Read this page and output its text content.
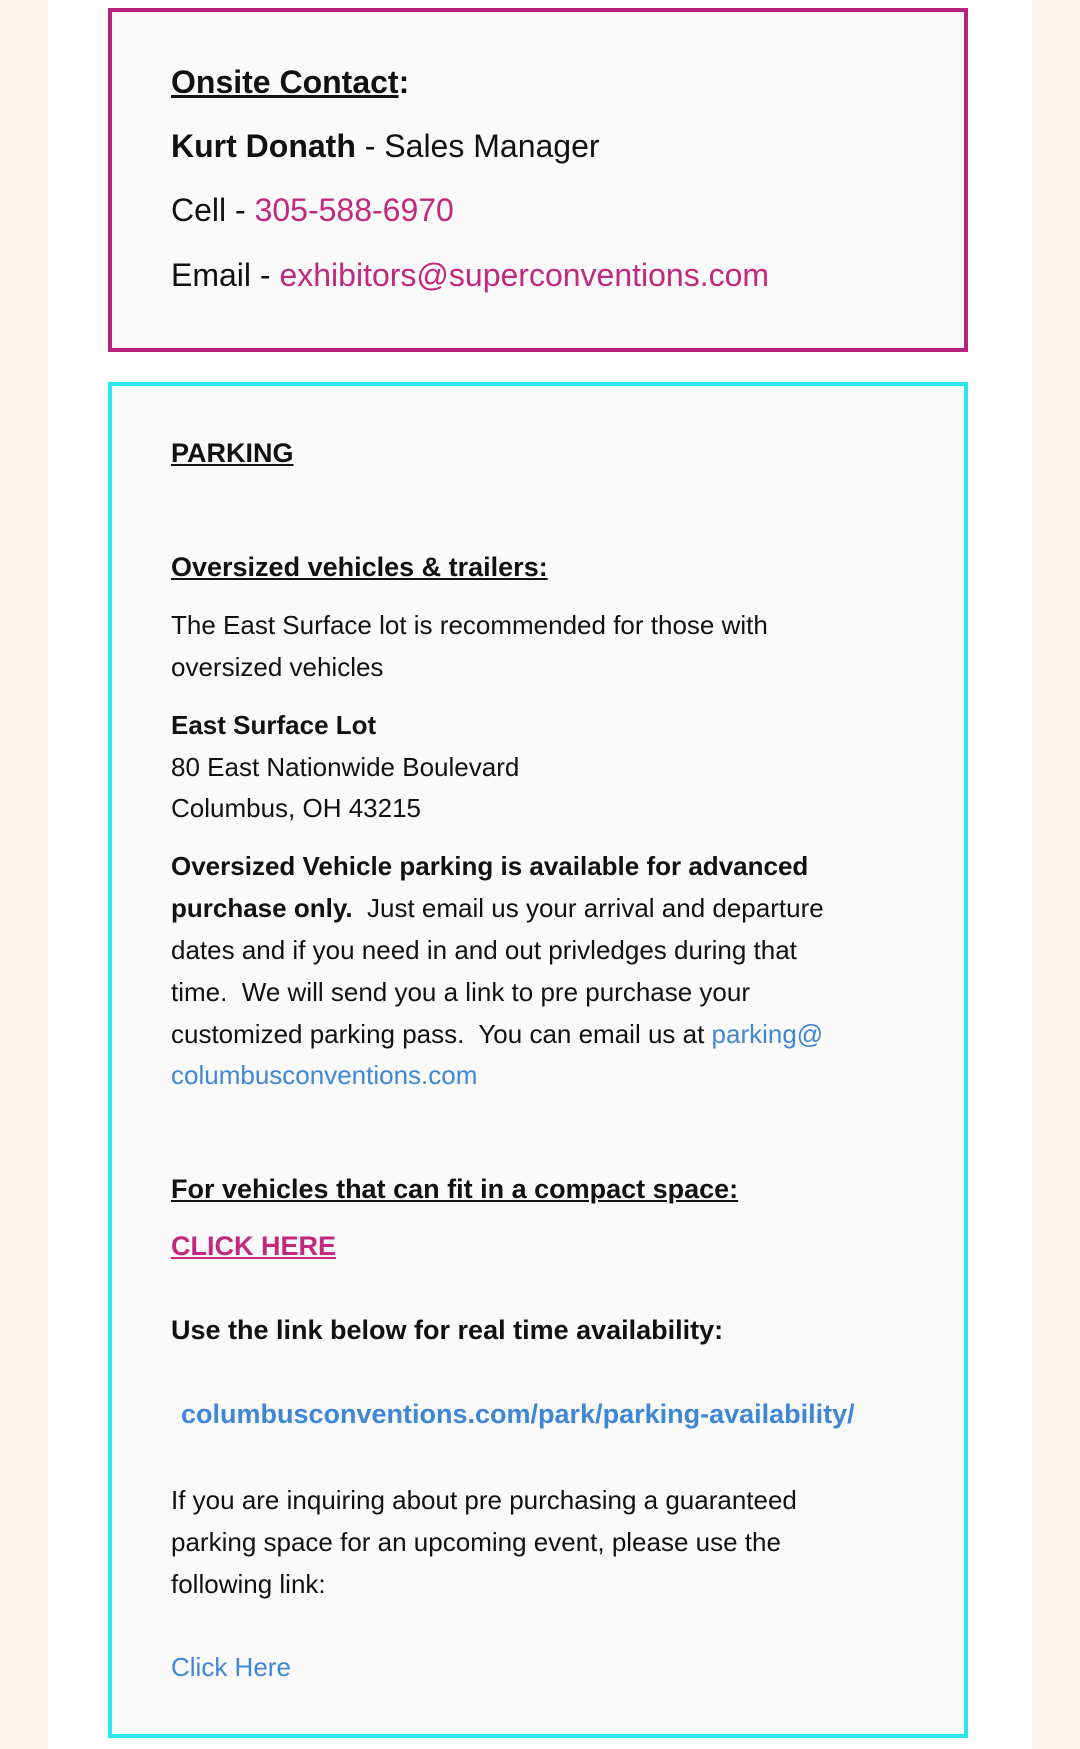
Onsite Contact:
Kurt Donath - Sales Manager
Cell - 305-588-6970
Email - exhibitors@superconventions.com
PARKING
Oversized vehicles & trailers:
The East Surface lot is recommended for those with
oversized vehicles
East Surface Lot
80 East Nationwide Boulevard
Columbus, OH 43215
Oversized Vehicle parking is available for advanced
purchase only.  Just email us your arrival and departure
dates and if you need in and out privledges during that
time.  We will send you a link to pre purchase your
customized parking pass.  You can email us at parking@
columbusconventions.com
For vehicles that can fit in a compact space:
CLICK HERE
Use the link below for real time availability:
columbusconventions.com/park/parking-availability/
If you are inquiring about pre purchasing a guaranteed
parking space for an upcoming event, please use the
following link:
Click Here
